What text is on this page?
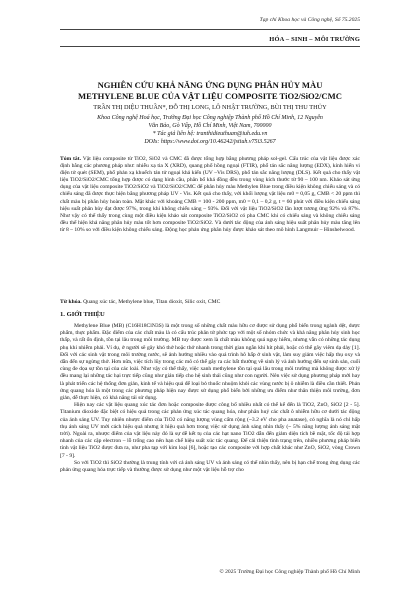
Tạp chí Khoa học và Công nghệ, Số 75.2025
HÓA – SINH – MÔI TRƯỜNG
NGHIÊN CỨU KHẢ NĂNG ỨNG DỤNG PHÂN HỦY MÀU
METHYLENE BLUE CỦA VẬT LIỆU COMPOSITE TiO2/SiO2/CMC
TRẦN THỊ DIỆU THUẦN*, ĐỖ THỊ LONG, LÔ NHẬT TRƯỜNG, BÙI THỊ THU THỦY
Khoa Công nghệ Hoá học, Trường Đại học Công nghiệp Thành phố Hồ Chí Minh, 12 Nguyễn
Văn Bảo, Gò Vấp, Hồ Chí Minh, Việt Nam, 700000
* Tác giả liên hệ: tranthidieuthuan@iuh.edu.vn
DOIs: https://www.doi.org/10.46242/jstiuh.v75i3.5267
Tóm tắt. Vật liệu composite từ TiO2, SiO2 và CMC đã được tổng hợp bằng phương pháp sol-gel. Cấu trúc của vật liệu được xác định bằng các phương pháp như: nhiễu xạ tia X (XRD), quang phổ hồng ngoại (FTIR), phổ tán sắc năng lượng (EDX), kính hiển vi điện tử quét (SEM), phổ phản xạ khuếch tán tử ngoại khả kiến (UV –Vis DRS), phổ tán sắc năng lượng (DLS). Kết quả cho thấy vật liệu TiO2/SiO2/CMC tổng hợp được có dạng hình cầu, phân bố khá đồng đều trong vùng kích thước từ 90 – 100 nm. Khảo sát ứng dụng của vật liệu composite TiO2/SiO2 và TiO2/SiO2/CMC để phân hủy màu Methylen Blue trong điều kiện không chiếu sáng và có chiếu sáng đã được thực hiện bằng phương pháp UV - Vis. Kết quả cho thấy, với khối lượng vật liệu m0 = 0,05 g, CMB < 20 ppm thì chất màu bị phân hủy hoàn toàn. Mặt khác với khoảng CMB = 100 - 200 ppm, m0 = 0,1 – 0,2 g, t = 60 phút với điều kiện chiếu sáng hiệu suất phân hủy đạt được 97%, trong khi không chiếu sáng – 93%. Đối với vật liệu TiO2/SiO2 lần lượt tương ứng 92% và 87%. Như vậy có thể thấy trong cùng một điều kiện khảo sát composite TiO2/SiO2 có pha CMC khi có chiếu sáng và không chiếu sáng đều thể hiện khả năng phân hủy màu tốt hơn composite TiO2/SiO2. Và dưới tác động của ánh sáng hiệu suất phân hủy màu tăng lên từ 8 – 10% so với điều kiện không chiếu sáng. Động học phản ứng phân hủy được khảo sát theo mô hình Langmuir – Hinshelwood.
Từ khóa. Quang xúc tác, Methylene blue, Titan dioxit, Silic oxit, CMC
1. GIỚI THIỆU

Methylene Blue (MB) (C16H18ClN3S) là một trong số những chất màu hữu cơ được sử dụng phổ biến trong ngành dệt, dược phẩm, thực phẩm. Đặc điểm của các chất màu là có cấu trúc phân tử phức tạp với một số nhóm chức và khả năng phân hủy sinh học thấp, và rất ổn định, tồn tại lâu trong môi trường. MB tuy được xem là chất màu không quá nguy hiểm, nhưng vẫn có những tác dụng phụ khi nhiễm phải. Ví dụ, ở người sẽ gây khó thở hoặc thở nhanh trong thời gian ngắn khi hít phải, hoặc có thể gây viêm dạ dày [1]. Đối với các sinh vật trong môi trường nước, sẽ ảnh hưởng nhiều vào quá trình hô hấp ở sinh vật, làm suy giảm việc hấp thụ oxy và dẫn đến sự ngừng thở. Hơn nữa, việc tích lũy trong các mô có thể gây ra các bất thường về sinh lý và ảnh hưởng đến sự sinh sản, cuối cùng đe dọa sự tồn tại của các loài. Như vậy có thể thấy, việc xanh methylene tồn tại quá lâu trong môi trường mà không được xử lý đều mang lại những tác hại trực tiếp cũng như gián tiếp cho hệ sinh thái cũng như con người. Nên việc sử dụng phương pháp mới hay là phát triển các hệ thống đơn giản, kinh tế và hiệu quả để loại bỏ thuốc nhuộm khỏi các vùng nước bị ô nhiễm là điều cần thiết. Phản ứng quang hóa là một trong các phương pháp hiện nay được sử dụng phổ biến bởi những ưu điểm như thân thiện môi trường, đơn giản, dễ thực hiện, có khả năng tái sử dụng.

Hiện nay các vật liệu quang xúc tác đơn hoặc composite được công bố nhiều nhất có thể kể đến là TiO2, ZnO, SiO2 [2 - 5]. Titanium dioxide đặc biệt có hiệu quả trong các phản ứng xúc tác quang hóa, như phân huỷ các chất ô nhiễm hữu cơ dưới tác động của ánh sáng UV. Tuy nhiên nhược điểm của TiO2 có năng lượng vùng cấm rộng (~3.2 eV cho pha anatase), có nghĩa là nó chỉ hấp thụ ánh sáng UV mới cách hiệu quả nhưng ít hiệu quả hơn trong việc sử dụng ánh sáng nhìn thấy (~ 5% năng lượng ánh sáng mặt trời). Ngoài ra, nhược điểm của vật liệu này đó là sự dễ kết tụ của các hạt nano TiO2 dẫn đến giảm diện tích bề mặt, tốc độ tái hợp nhanh của các cặp electron – lỗ trống cao nên hạn chế hiệu suất xúc tác quang. Để cải thiện tình trạng trên, nhiều phương pháp biến tính vật liệu TiO2 được đưa ra, như pha tạp với kim loại [6], hoặc tạo các composite với hợp chất khác như ZnO, SiO2, vòng Crown [7 - 9].

So với TiO2 thì SiO2 thường là trung tính với cả ánh sáng UV và ánh sáng có thể nhìn thấy, nên bị hạn chế trong ứng dụng các phản ứng quang hóa trực tiếp và thường được sử dụng như một vật liệu hỗ trợ cho

© 2025 Trường Đại học Công nghiệp Thành phố Hồ Chí Minh
